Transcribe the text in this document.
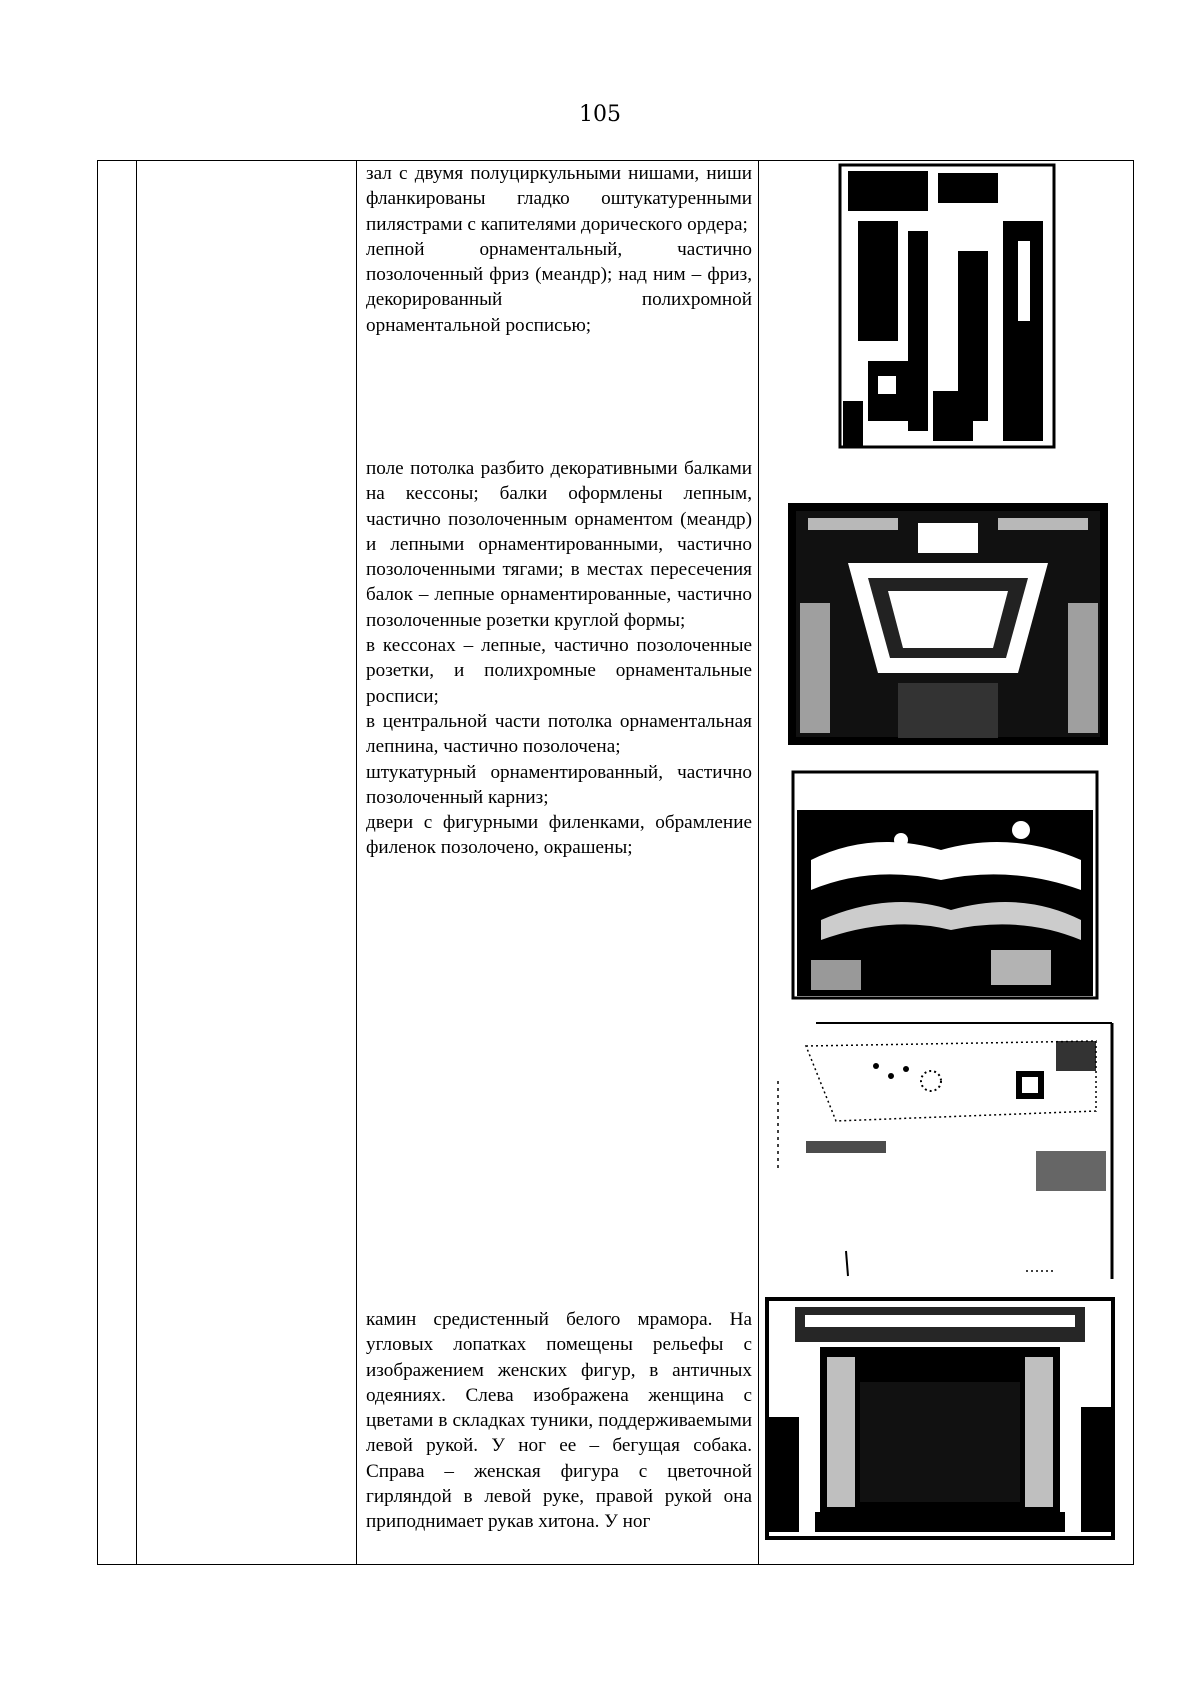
105

зал с двумя полуциркульными нишами, ниши фланкированы гладко оштукатуренными пилястрами с капителями дорического ордера;

лепной орнаментальный, частично позолоченный фриз (меандр); над ним – фриз, декорированный полихромной орнаментальной росписью;

поле потолка разбито декоративными балками на кессоны; балки оформлены лепным, частично позолоченным орнаментом (меандр) и лепными орнаментированными, частично позолоченными тягами; в местах пересечения балок – лепные орнаментированные, частично позолоченные розетки круглой формы;

в кессонах – лепные, частично позолоченные розетки, и полихромные орнаментальные росписи;

в центральной части потолка орнаментальная лепнина, частично позолочена;

штукатурный орнаментированный, частично позолоченный карниз;

двери с фигурными филенками, обрамление филенок позолочено, окрашены;

камин средистенный белого мрамора. На угловых лопатках помещены рельефы с изображением женских фигур, в античных одеяниях. Слева изображена женщина с цветами в складках туники, поддерживаемыми левой рукой. У ног ее – бегущая собака. Справа – женская фигура с цветочной гирляндой в левой руке, правой рукой она приподнимает рукав хитона. У ног
